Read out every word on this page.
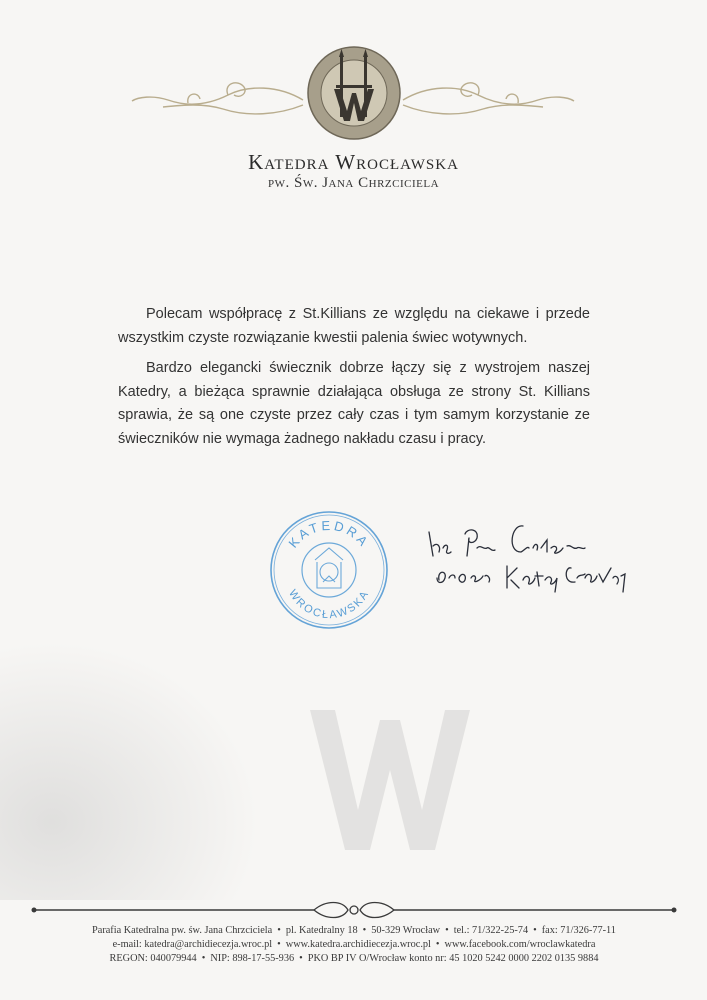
Katedra Wrocławska
pw. Św. Jana Chrzciciela

Polecam współpracę z St.Killians ze względu na ciekawe i przede wszystkim czyste rozwiązanie kwestii palenia świec wotywnych.

Bardzo elegancki świecznik dobrze łączy się z wystrojem naszej Katedry, a bieżąca sprawnie działająca obsługa ze strony St. Killians sprawia, że są one czyste przez cały czas i tym samym korzystanie ze świeczników nie wymaga żadnego nakładu czasu i pracy.

KATEDRA
WROCŁAWSKA
Parafia Katedralna pw. św. Jana Chrzciciela • pl. Katedralny 18 • 50-329 Wrocław • tel.: 71/322-25-74 • fax: 71/326-77-11
e-mail: katedra@archidiecezja.wroc.pl • www.katedra.archidiecezja.wroc.pl • www.facebook.com/wroclawkatedra
REGON: 040079944 • NIP: 898-17-55-936 • PKO BP IV O/Wrocław konto nr: 45 1020 5242 0000 2202 0135 9884
